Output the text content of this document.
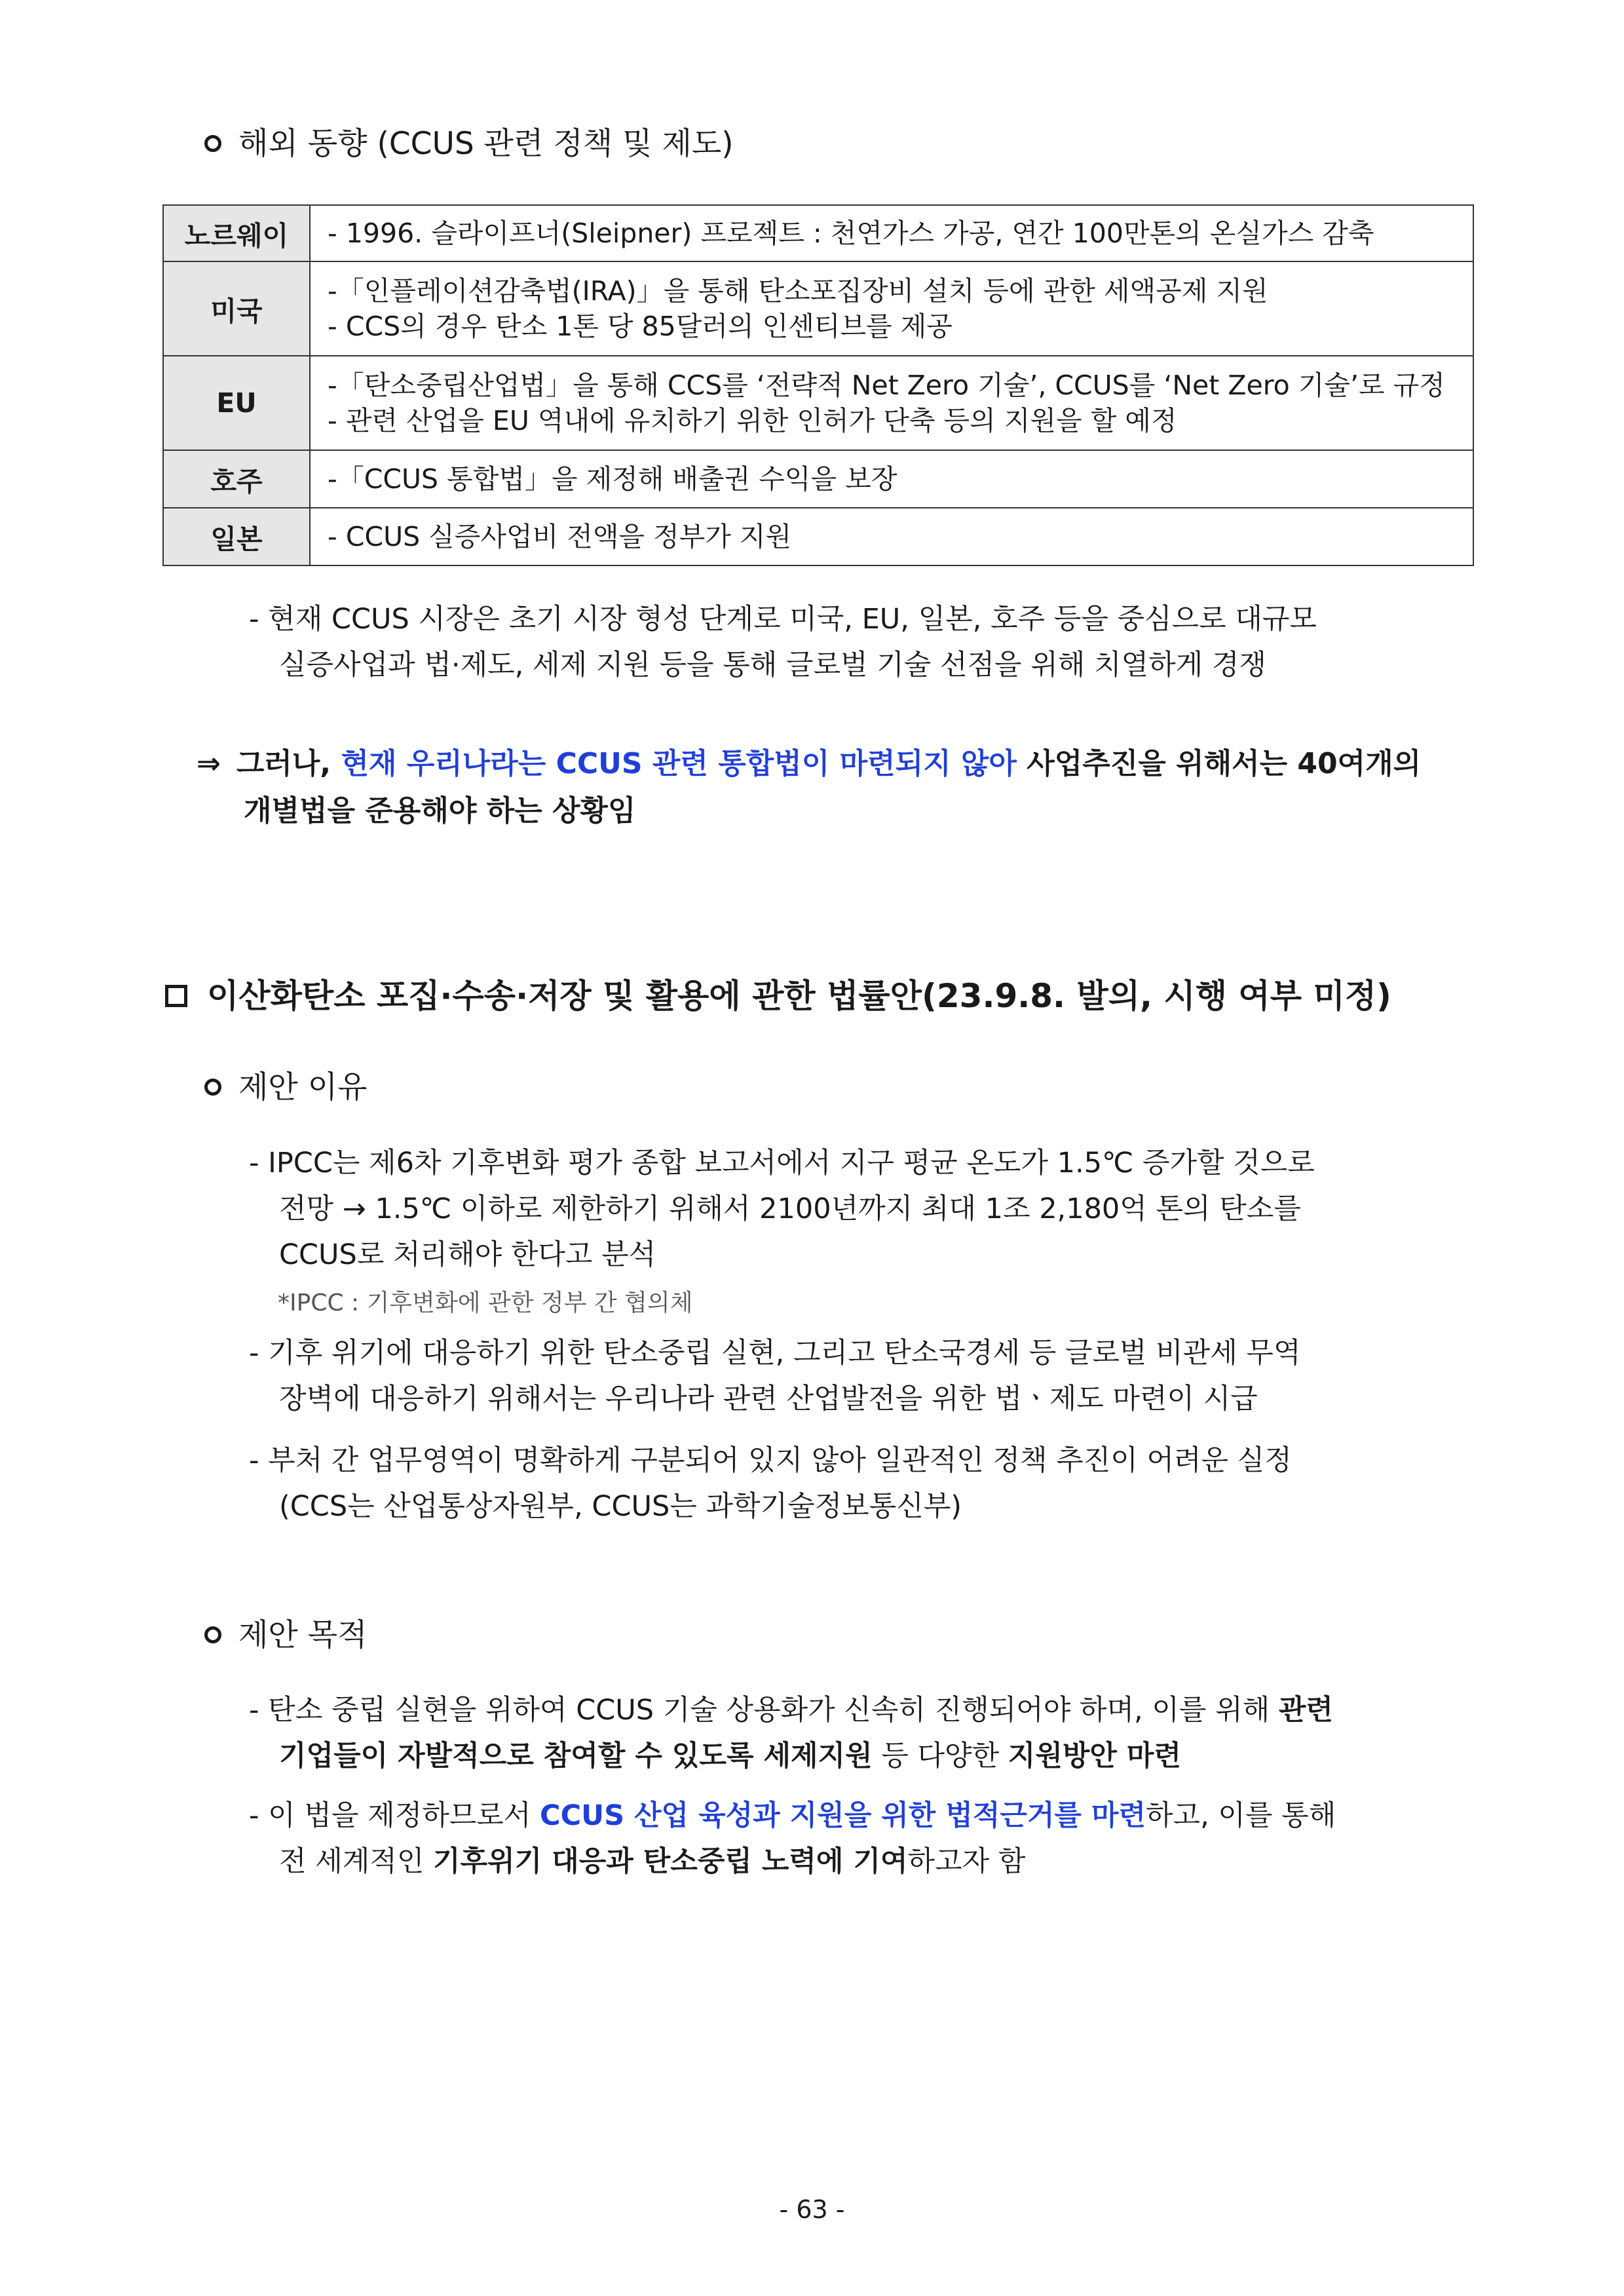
해외 동향 (CCUS 관련 정책 및 제도)
노르웨이	- 1996. 슬라이프너(Sleipner) 프로젝트 : 천연가스 가공, 연간 100만톤의 온실가스 감축

미국	-「인플레이션감축법(IRA)」을 통해 탄소포집장비 설치 등에 관한 세액공제 지원
- CCS의 경우 탄소 1톤 당 85달러의 인센티브를 제공

EU	-「탄소중립산업법」을 통해 CCS를 ‘전략적 Net Zero 기술’, CCUS를 ‘Net Zero 기술’로 규정
- 관련 산업을 EU 역내에 유치하기 위한 인허가 단축 등의 지원을 할 예정

호주	-「CCUS 통합법」을 제정해 배출권 수익을 보장

일본	- CCUS 실증사업비 전액을 정부가 지원
- 현재 CCUS 시장은 초기 시장 형성 단계로 미국, EU, 일본, 호주 등을 중심으로 대규모
실증사업과 법·제도, 세제 지원 등을 통해 글로벌 기술 선점을 위해 치열하게 경쟁
⇒ 그러나, 현재 우리나라는 CCUS 관련 통합법이 마련되지 않아 사업추진을 위해서는 40여개의
개별법을 준용해야 하는 상황임
이산화탄소 포집·수송·저장 및 활용에 관한 법률안(23.9.8. 발의, 시행 여부 미정)
제안 이유
- IPCC는 제6차 기후변화 평가 종합 보고서에서 지구 평균 온도가 1.5℃ 증가할 것으로
전망 → 1.5℃ 이하로 제한하기 위해서 2100년까지 최대 1조 2,180억 톤의 탄소를
CCUS로 처리해야 한다고 분석
*IPCC : 기후변화에 관한 정부 간 협의체
- 기후 위기에 대응하기 위한 탄소중립 실현, 그리고 탄소국경세 등 글로벌 비관세 무역
장벽에 대응하기 위해서는 우리나라 관련 산업발전을 위한 법ㆍ제도 마련이 시급
- 부처 간 업무영역이 명확하게 구분되어 있지 않아 일관적인 정책 추진이 어려운 실정
(CCS는 산업통상자원부, CCUS는 과학기술정보통신부)
제안 목적
- 탄소 중립 실현을 위하여 CCUS 기술 상용화가 신속히 진행되어야 하며, 이를 위해 관련
기업들이 자발적으로 참여할 수 있도록 세제지원 등 다양한 지원방안 마련
- 이 법을 제정하므로서 CCUS 산업 육성과 지원을 위한 법적근거를 마련하고, 이를 통해
전 세계적인 기후위기 대응과 탄소중립 노력에 기여하고자 함
- 63 -
